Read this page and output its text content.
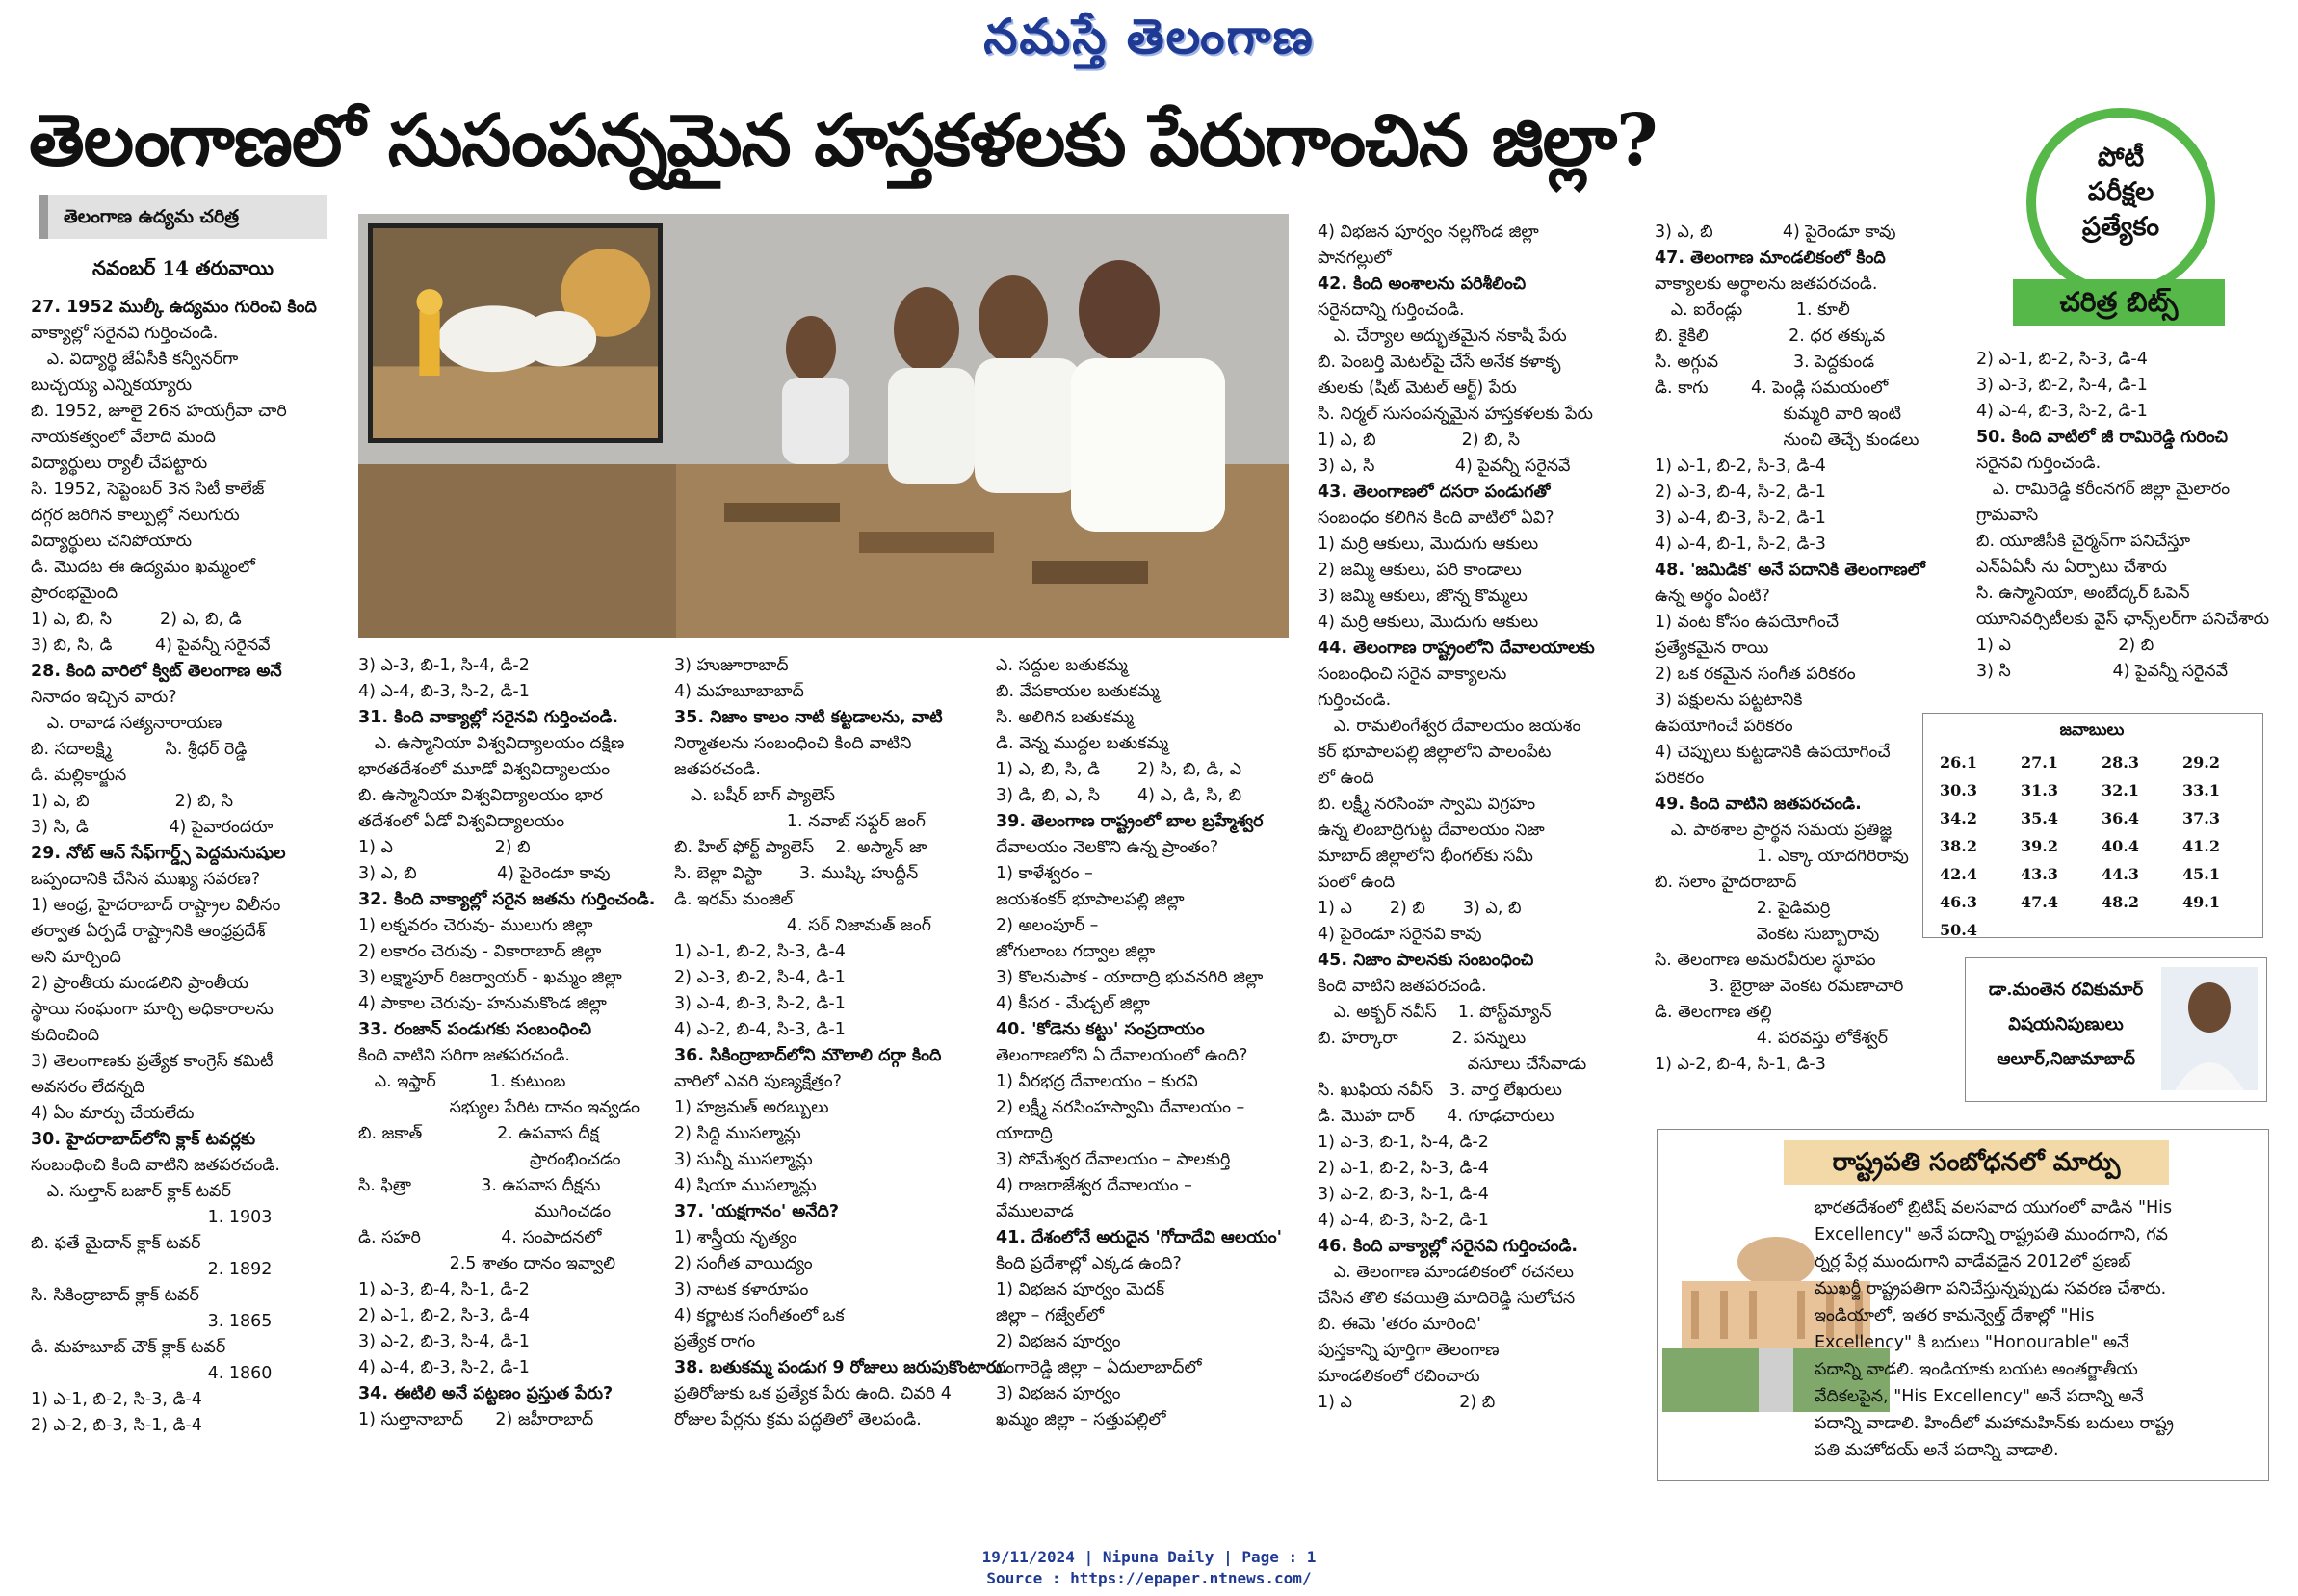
నమస్తే తెలంగాణ
తెలంగాణలో సుసంపన్నమైన హస్తకళలకు పేరుగాంచిన జిల్లా?	పోటీ
పరీక్షల
ప్రత్యేకం
చరిత్ర బిట్స్
తెలంగాణ ఉద్యమ చరిత్ర
నవంబర్ 14 తరువాయి

27. 1952 ముల్కీ ఉద్యమం గురించి కింది

వాక్యాల్లో సరైనవి గుర్తించండి.

ఎ. విద్యార్థి జేఏసీకి కన్వీనర్‌గా

బుచ్చయ్య ఎన్నికయ్యారు

బి. 1952, జూలై 26న హయగ్రీవా చారి

నాయకత్వంలో వేలాది మంది

విద్యార్థులు ర్యాలీ చేపట్టారు

సి. 1952, సెప్టెంబర్ 3న సిటీ కాలేజ్

దగ్గర జరిగిన కాల్పుల్లో నలుగురు

విద్యార్థులు చనిపోయారు

డి. మొదట ఈ ఉద్యమం ఖమ్మంలో

ప్రారంభమైంది

1) ఎ, బి, సి         2) ఎ, బి, డి

3) బి, సి, డి        4) పైవన్నీ సరైనవే

28. కింది వారిలో క్విట్ తెలంగాణ అనే

నినాదం ఇచ్చిన వారు?

ఎ. రావాడ సత్యనారాయణ

బి. సదాలక్ష్మి          సి. శ్రీధర్ రెడ్డి

డి. మల్లికార్జున

1) ఎ, బి                2) బి, సి

3) సి, డి               4) పైవారందరూ

29. నోట్ ఆన్ సేఫ్‌గార్డ్స్ పెద్దమనుషుల

ఒప్పందానికి చేసిన ముఖ్య సవరణ?

1) ఆంధ్ర, హైదరాబాద్ రాష్ట్రాల విలీనం

తర్వాత ఏర్పడే రాష్ట్రానికి ఆంధ్రప్రదేశ్

అని మార్చింది

2) ప్రాంతీయ మండలిని ప్రాంతీయ

స్థాయి సంఘంగా మార్చి అధికారాలను

కుదించింది

3) తెలంగాణకు ప్రత్యేక కాంగ్రెస్ కమిటీ

అవసరం లేదన్నది

4) ఏం మార్పు చేయలేదు

30. హైదరాబాద్‌లోని క్లాక్ టవర్లకు

సంబంధించి కింది వాటిని జతపరచండి.

ఎ. సుల్తాన్ బజార్ క్లాక్ టవర్

1. 1903

బి. ఫతే మైదాన్ క్లాక్ టవర్

2. 1892

సి. సికింద్రాబాద్ క్లాక్ టవర్

3. 1865

డి. మహబూబ్ చౌక్ క్లాక్ టవర్

4. 1860

1) ఎ-1, బి-2, సి-3, డి-4

2) ఎ-2, బి-3, సి-1, డి-4

3) ఎ-3, బి-1, సి-4, డి-2

4) ఎ-4, బి-3, సి-2, డి-1

31. కింది వాక్యాల్లో సరైనవి గుర్తించండి.

ఎ. ఉస్మానియా విశ్వవిద్యాలయం దక్షిణ

భారతదేశంలో మూడో విశ్వవిద్యాలయం

బి. ఉస్మానియా విశ్వవిద్యాలయం భార

తదేశంలో ఏడో విశ్వవిద్యాలయం

1) ఎ                   2) బి

3) ఎ, బి               4) పైరెండూ కావు

32. కింది వాక్యాల్లో సరైన జతను గుర్తించండి.

1) లక్నవరం చెరువు- ములుగు జిల్లా

2) లకారం చెరువు - వికారాబాద్ జిల్లా

3) లక్ష్మాపూర్ రిజర్వాయర్ - ఖమ్మం జిల్లా

4) పాకాల చెరువు- హనుమకొండ జిల్లా

33. రంజాన్ పండుగకు సంబంధించి

కింది వాటిని సరిగా జతపరచండి.

ఎ. ఇఫ్తార్          1. కుటుంబ

సభ్యుల పేరిట దానం ఇవ్వడం

బి. జకాత్              2. ఉపవాస దీక్ష

ప్రారంభించడం

సి. ఫిత్రా             3. ఉపవాస దీక్షను

ముగించడం

డి. సహరి               4. సంపాదనలో

2.5 శాతం దానం ఇవ్వాలి

1) ఎ-3, బి-4, సి-1, డి-2

2) ఎ-1, బి-2, సి-3, డి-4

3) ఎ-2, బి-3, సి-4, డి-1

4) ఎ-4, బి-3, సి-2, డి-1

34. ఈటిలి అనే పట్టణం ప్రస్తుత పేరు?

1) సుల్తానాబాద్      2) జహీరాబాద్

3) హుజూరాబాద్

4) మహబూబాబాద్

35. నిజాం కాలం నాటి కట్టడాలను, వాటి

నిర్మాతలను సంబంధించి కింది వాటిని

జతపరచండి.

ఎ. బషీర్ బాగ్ ప్యాలెస్

1. నవాబ్ సఫ్దర్ జంగ్

బి. హిల్ ఫోర్ట్ ప్యాలెస్    2. అస్మాన్ జా

సి. బెల్లా విస్టా       3. ముష్కి హుద్దీన్

డి. ఇరమ్ మంజిల్

4. సర్ నిజామత్ జంగ్

1) ఎ-1, బి-2, సి-3, డి-4

2) ఎ-3, బి-2, సి-4, డి-1

3) ఎ-4, బి-3, సి-2, డి-1

4) ఎ-2, బి-4, సి-3, డి-1

36. సికింద్రాబాద్‌లోని మౌలాలి దర్గా కింది

వారిలో ఎవరి పుణ్యక్షేత్రం?

1) హజ్రమత్ అరబ్బులు

2) సిద్ది ముసల్మాన్లు

3) సున్నీ ముసల్మాన్లు

4) షియా ముసల్మాన్లు

37. 'యక్షగానం' అనేది?

1) శాస్త్రీయ నృత్యం

2) సంగీత వాయిద్యం

3) నాటక కళారూపం

4) కర్ణాటక సంగీతంలో ఒక

ప్రత్యేక రాగం

38. బతుకమ్మ పండుగ 9 రోజులు జరుపుకొంటారు.

ప్రతిరోజుకు ఒక ప్రత్యేక పేరు ఉంది. చివరి 4

రోజుల పేర్లను క్రమ పద్ధతిలో తెలపండి.

ఎ. సద్దుల బతుకమ్మ

బి. వేపకాయల బతుకమ్మ

సి. అలిగిన బతుకమ్మ

డి. వెన్న ముద్దల బతుకమ్మ

1) ఎ, బి, సి, డి       2) సి, బి, డి, ఎ

3) డి, బి, ఎ, సి       4) ఎ, డి, సి, బి

39. తెలంగాణ రాష్ట్రంలో బాల బ్రహ్మేశ్వర

దేవాలయం నెలకొని ఉన్న ప్రాంతం?

1) కాళేశ్వరం –

జయశంకర్ భూపాలపల్లి జిల్లా

2) అలంపూర్ –

జోగులాంబ గద్వాల జిల్లా

3) కొలనుపాక - యాదాద్రి భువనగిరి జిల్లా

4) కీసర - మేడ్చల్ జిల్లా

40. 'కోడెను కట్టు' సంప్రదాయం

తెలంగాణలోని ఏ దేవాలయంలో ఉంది?

1) వీరభద్ర దేవాలయం – కురవి

2) లక్ష్మీ నరసింహస్వామి దేవాలయం –

యాదాద్రి

3) సోమేశ్వర దేవాలయం – పాలకుర్తి

4) రాజరాజేశ్వర దేవాలయం –

వేములవాడ

41. దేశంలోనే అరుదైన 'గోదాదేవి ఆలయం'

కింది ప్రదేశాల్లో ఎక్కడ ఉంది?

1) విభజన పూర్వం మెదక్

జిల్లా – గజ్వేల్‌లో

2) విభజన పూర్వం

రంగారెడ్డి జిల్లా – ఏదులాబాద్‌లో

3) విభజన పూర్వం

ఖమ్మం జిల్లా – సత్తుపల్లిలో

4) విభజన పూర్వం నల్లగొండ జిల్లా

పానగల్లులో

42. కింది అంశాలను పరిశీలించి

సరైనదాన్ని గుర్తించండి.

ఎ. చేర్యాల అద్భుతమైన నకాషీ పేరు

బి. పెంబర్తి మెటల్‌పై చేసే అనేక కళాకృ

తులకు (షీట్ మెటల్ ఆర్ట్) పేరు

సి. నిర్మల్ సుసంపన్నమైన హస్తకళలకు పేరు

1) ఎ, బి                2) బి, సి

3) ఎ, సి               4) పైవన్నీ సరైనవే

43. తెలంగాణలో దసరా పండుగతో

సంబంధం కలిగిన కింది వాటిలో ఏవి?

1) మర్రి ఆకులు, మొదుగు ఆకులు

2) జమ్మి ఆకులు, పరి కాండాలు

3) జమ్మి ఆకులు, జొన్న కొమ్మలు

4) మర్రి ఆకులు, మొదుగు ఆకులు

44. తెలంగాణ రాష్ట్రంలోని దేవాలయాలకు

సంబంధించి సరైన వాక్యాలను

గుర్తించండి.

ఎ. రామలింగేశ్వర దేవాలయం జయశం

కర్ భూపాలపల్లి జిల్లాలోని పాలంపేట

లో ఉంది

బి. లక్ష్మీ నరసింహ స్వామి విగ్రహం

ఉన్న లింబాద్రిగుట్ట దేవాలయం నిజా

మాబాద్ జిల్లాలోని భీంగల్‌కు సమీ

పంలో ఉంది

1) ఎ       2) బి       3) ఎ, బి

4) పైరెండూ సరైనవి కావు

45. నిజాం పాలనకు సంబంధించి

కింది వాటిని జతపరచండి.

ఎ. అక్బర్ నవీస్    1. పోస్ట్‌మ్యాన్

బి. హర్కారా          2. పన్నులు

వసూలు చేసేవాడు

సి. ఖుఫియ నవీస్   3. వార్త లేఖరులు

డి. మొహ దార్      4. గూఢచారులు

1) ఎ-3, బి-1, సి-4, డి-2

2) ఎ-1, బి-2, సి-3, డి-4

3) ఎ-2, బి-3, సి-1, డి-4

4) ఎ-4, బి-3, సి-2, డి-1

46. కింది వాక్యాల్లో సరైనవి గుర్తించండి.

ఎ. తెలంగాణ మాండలికంలో రచనలు

చేసిన తొలి కవయిత్రి మాదిరెడ్డి సులోచన

బి. ఈమె 'తరం మారింది'

పుస్తకాన్ని పూర్తిగా తెలంగాణ

మాండలికంలో రచించారు

1) ఎ                    2) బి

3) ఎ, బి             4) పైరెండూ కావు

47. తెలంగాణ మాండలికంలో కింది

వాక్యాలకు అర్థాలను జతపరచండి.

ఎ. ఐరేండ్లు          1. కూలీ

బి. కైకిలి               2. ధర తక్కువ

సి. అగ్గువ              3. పెద్దకుండ

డి. కాగు        4. పెండ్లి సమయంలో

కుమ్మరి వారి ఇంటి

నుంచి తెచ్చే కుండలు

1) ఎ-1, బి-2, సి-3, డి-4

2) ఎ-3, బి-4, సి-2, డి-1

3) ఎ-4, బి-3, సి-2, డి-1

4) ఎ-4, బి-1, సి-2, డి-3

48. 'జమిడిక' అనే పదానికి తెలంగాణలో

ఉన్న అర్థం ఏంటి?

1) వంట కోసం ఉపయోగించే

ప్రత్యేకమైన రాయి

2) ఒక రకమైన సంగీత పరికరం

3) పక్షులను పట్టటానికి

ఉపయోగించే పరికరం

4) చెప్పులు కుట్టడానికి ఉపయోగించే

పరికరం

49. కింది వాటిని జతపరచండి.

ఎ. పాఠశాల ప్రార్థన సమయ ప్రతిజ్ఞ

1. ఎక్కా యాదగిరిరావు

బి. సలాం హైదరాబాద్

2. పైడిమర్రి

వెంకట సుబ్బారావు

సి. తెలంగాణ అమరవీరుల స్థూపం

3. బైర్రాజు వెంకట రమణాచారి

డి. తెలంగాణ తల్లి

4. పరవస్తు లోకేశ్వర్

1) ఎ-2, బి-4, సి-1, డి-3

2) ఎ-1, బి-2, సి-3, డి-4

3) ఎ-3, బి-2, సి-4, డి-1

4) ఎ-4, బి-3, సి-2, డి-1

50. కింది వాటిలో జీ రామిరెడ్డి గురించి

సరైనవి గుర్తించండి.

ఎ. రామిరెడ్డి కరీంనగర్ జిల్లా మైలారం

గ్రామవాసి

బి. యూజీసీకి చైర్మన్‌గా పనిచేస్తూ

ఎన్ఏఏసీ ను ఏర్పాటు చేశారు

సి. ఉస్మానియా, అంబేద్కర్ ఓపెన్

యూనివర్సిటీలకు వైస్ ఛాన్స్‌లర్‌గా పనిచేశారు

1) ఎ                    2) బి

3) సి                   4) పైవన్నీ సరైనవే

జవాబులు
26.1	27.1	28.3	29.2
30.3	31.3	32.1	33.1
34.2	35.4	36.4	37.3
38.2	39.2	40.4	41.2
42.4	43.3	44.3	45.1
46.3	47.4	48.2	49.1
50.4
డా.మంతెన రవికుమార్
విషయనిపుణులు
ఆలూర్,నిజామాబాద్
రాష్ట్రపతి సంబోధనలో మార్పు

భారతదేశంలో బ్రిటిష్ వలసవాద యుగంలో వాడిన "His

Excellency" అనే పదాన్ని రాష్ట్రపతి ముందగాని, గవ

ర్నర్ల పేర్ల ముందుగాని వాడేవడైన 2012లో ప్రణబ్

ముఖర్జీ రాష్ట్రపతిగా పనిచేస్తున్నప్పుడు సవరణ చేశారు.

ఇండియాలో, ఇతర కామన్వెల్త్ దేశాల్లో "His

Excellency" కి బదులు "Honourable" అనే

పదాన్ని వాడలి. ఇండియాకు బయట అంతర్జాతీయ

వేదికలపైన, "His Excellency" అనే పదాన్ని అనే

పదాన్ని వాడాలి. హిందీలో మహామహిన్‌కు బదులు రాష్ట్ర

పతి మహోదయ్ అనే పదాన్ని వాడాలి.

19/11/2024 | Nipuna Daily | Page : 1
Source : https://epaper.ntnews.com/
